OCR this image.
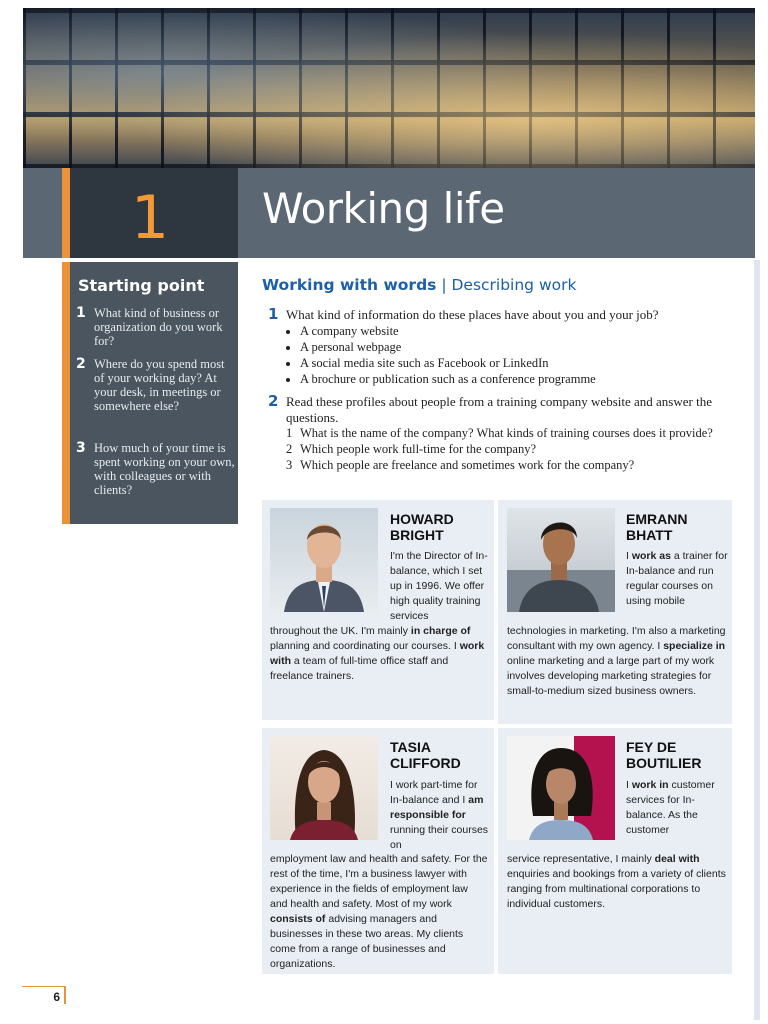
1	Working life
Starting point
1 What kind of business or organization do you work for?
2 Where do you spend most of your working day? At your desk, in meetings or somewhere else?
3 How much of your time is spent working on your own, with colleagues or with clients?
Working with words | Describing work
1 What kind of information do these places have about you and your job?
• A company website
• A personal webpage
• A social media site such as Facebook or LinkedIn
• A brochure or publication such as a conference programme
2 Read these profiles about people from a training company website and answer the questions.
1 What is the name of the company? What kinds of training courses does it provide?
2 Which people work full-time for the company?
3 Which people are freelance and sometimes work for the company?
HOWARD BRIGHT
I'm the Director of In-balance, which I set up in 1996. We offer high quality training services
throughout the UK. I'm mainly in charge of planning and coordinating our courses. I work with a team of full-time office staff and freelance trainers.
EMRANN BHATT
I work as a trainer for In-balance and run regular courses on using mobile
technologies in marketing. I'm also a marketing consultant with my own agency. I specialize in online marketing and a large part of my work involves developing marketing strategies for small-to-medium sized business owners.
TASIA CLIFFORD
I work part-time for In-balance and I am responsible for running their courses on
employment law and health and safety. For the rest of the time, I'm a business lawyer with experience in the fields of employment law and health and safety. Most of my work consists of advising managers and businesses in these two areas. My clients come from a range of businesses and organizations.
FEY DE BOUTILIER
I work in customer services for In-balance. As the customer
service representative, I mainly deal with enquiries and bookings from a variety of clients ranging from multinational corporations to individual customers.
6
